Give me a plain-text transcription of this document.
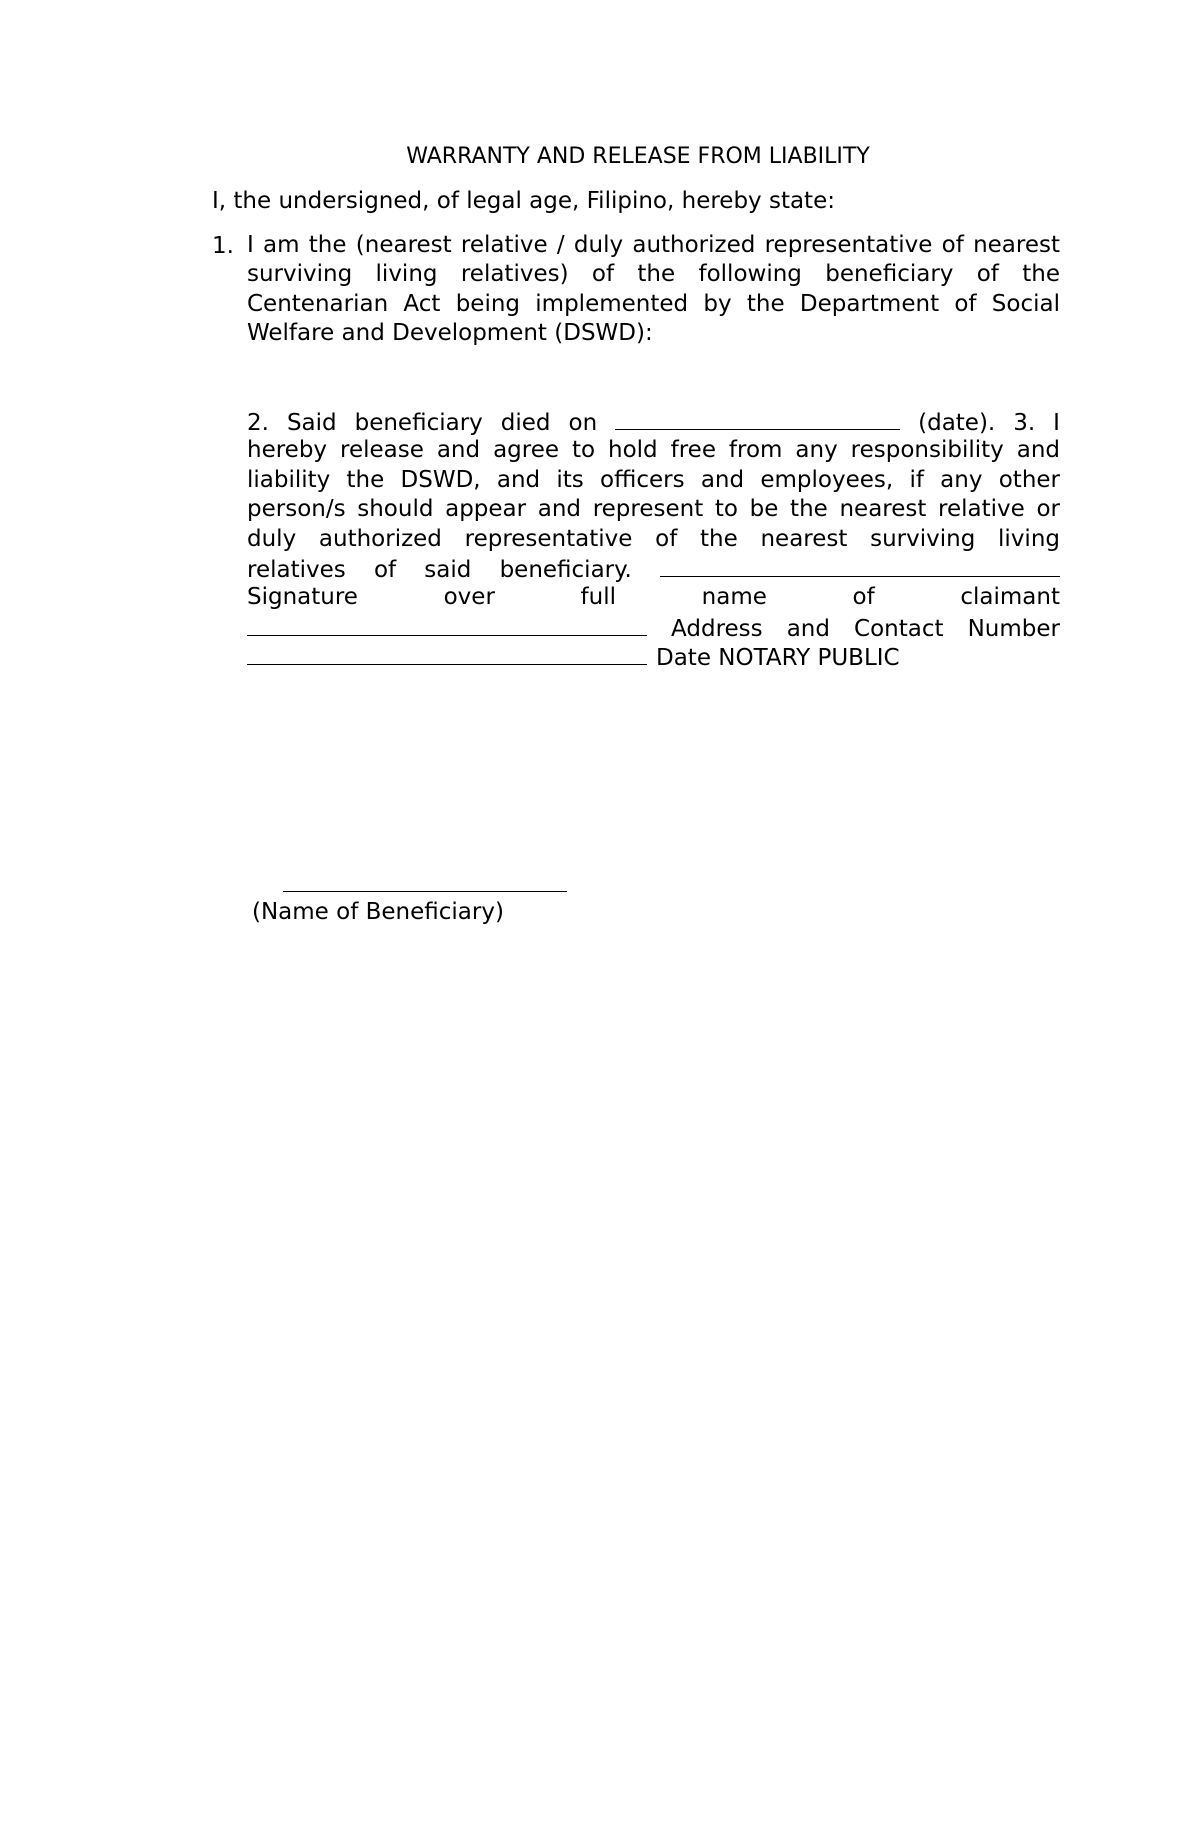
WARRANTY AND RELEASE FROM LIABILITY
I, the undersigned, of legal age, Filipino, hereby state:
1. I am the (nearest relative / duly authorized representative of nearest surviving living relatives) of the following beneficiary of the Centenarian Act being implemented by the Department of Social Welfare and Development (DSWD):
2. Said beneficiary died on	(date). 3. I
hereby release and agree to hold free from any responsibility and
liability the DSWD, and its officers and employees, if any other
person/s should appear and represent to be the nearest relative or
duly authorized representative of the nearest surviving living
relatives of said beneficiary.
Signature	over	full	name	of	claimant
Address and Contact Number
Date NOTARY PUBLIC
(Name of Beneficiary)
